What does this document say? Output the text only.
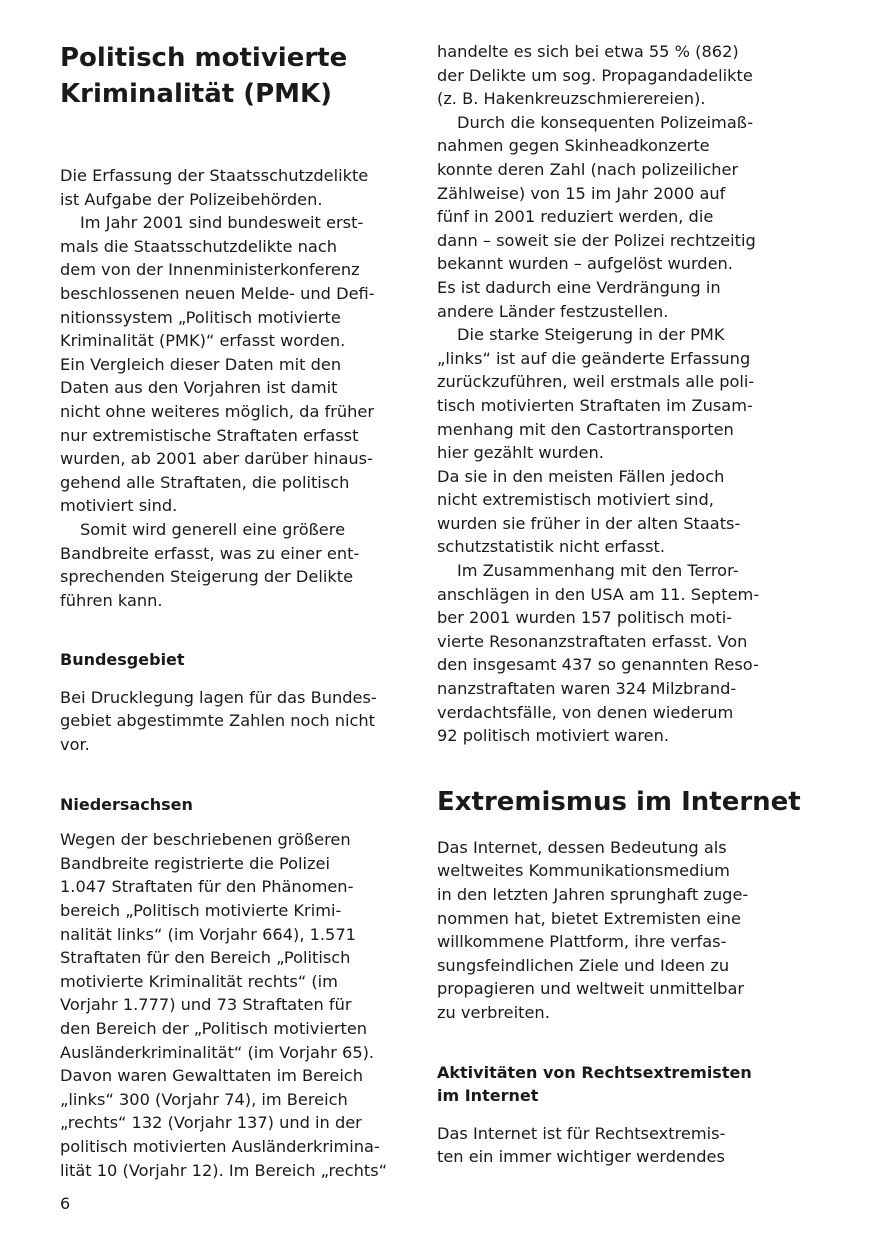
Politisch motivierte
Kriminalität (PMK)
Die Erfassung der Staatsschutzdelikte
ist Aufgabe der Polizeibehörden.
Im Jahr 2001 sind bundesweit erst-
mals die Staatsschutzdelikte nach
dem von der Innenministerkonferenz
beschlossenen neuen Melde- und Defi-
nitionssystem „Politisch motivierte
Kriminalität (PMK)“ erfasst worden.
Ein Vergleich dieser Daten mit den
Daten aus den Vorjahren ist damit
nicht ohne weiteres möglich, da früher
nur extremistische Straftaten erfasst
wurden, ab 2001 aber darüber hinaus-
gehend alle Straftaten, die politisch
motiviert sind.
Somit wird generell eine größere
Bandbreite erfasst, was zu einer ent-
sprechenden Steigerung der Delikte
führen kann.
Bundesgebiet
Bei Drucklegung lagen für das Bundes-
gebiet abgestimmte Zahlen noch nicht
vor.
Niedersachsen
Wegen der beschriebenen größeren
Bandbreite registrierte die Polizei
1.047 Straftaten für den Phänomen-
bereich „Politisch motivierte Krimi-
nalität links“ (im Vorjahr 664), 1.571
Straftaten für den Bereich „Politisch
motivierte Kriminalität rechts“ (im
Vorjahr 1.777) und 73 Straftaten für
den Bereich der „Politisch motivierten
Ausländerkriminalität“ (im Vorjahr 65).
Davon waren Gewalttaten im Bereich
„links“ 300 (Vorjahr 74), im Bereich
„rechts“ 132 (Vorjahr 137) und in der
politisch motivierten Ausländerkrimina-
lität 10 (Vorjahr 12). Im Bereich „rechts“
handelte es sich bei etwa 55 % (862)
der Delikte um sog. Propagandadelikte
(z. B. Hakenkreuzschmierereien).
Durch die konsequenten Polizeimaß-
nahmen gegen Skinheadkonzerte
konnte deren Zahl (nach polizeilicher
Zählweise) von 15 im Jahr 2000 auf
fünf in 2001 reduziert werden, die
dann – soweit sie der Polizei rechtzeitig
bekannt wurden – aufgelöst wurden.
Es ist dadurch eine Verdrängung in
andere Länder festzustellen.
Die starke Steigerung in der PMK
„links“ ist auf die geänderte Erfassung
zurückzuführen, weil erstmals alle poli-
tisch motivierten Straftaten im Zusam-
menhang mit den Castortransporten
hier gezählt wurden.
Da sie in den meisten Fällen jedoch
nicht extremistisch motiviert sind,
wurden sie früher in der alten Staats-
schutzstatistik nicht erfasst.
Im Zusammenhang mit den Terror-
anschlägen in den USA am 11. Septem-
ber 2001 wurden 157 politisch moti-
vierte Resonanzstraftaten erfasst. Von
den insgesamt 437 so genannten Reso-
nanzstraftaten waren 324 Milzbrand-
verdachtsfälle, von denen wiederum
92 politisch motiviert waren.
Extremismus im Internet
Das Internet, dessen Bedeutung als
weltweites Kommunikationsmedium
in den letzten Jahren sprunghaft zuge-
nommen hat, bietet Extremisten eine
willkommene Plattform, ihre verfas-
sungsfeindlichen Ziele und Ideen zu
propagieren und weltweit unmittelbar
zu verbreiten.
Aktivitäten von Rechtsextremisten
im Internet
Das Internet ist für Rechtsextremis-
ten ein immer wichtiger werdendes
6
